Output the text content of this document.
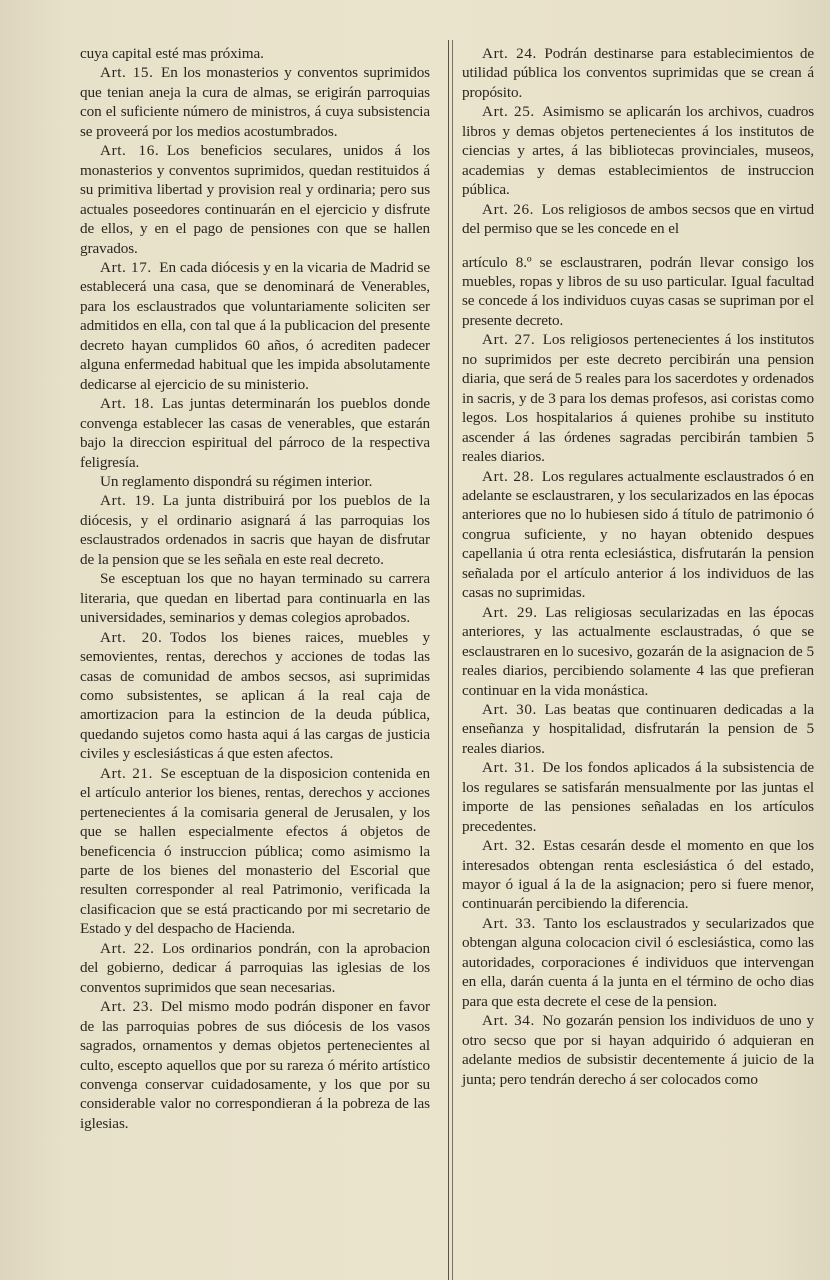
cuya capital esté mas próxima.

Art. 15.  En los monasterios y conventos suprimidos que tenian aneja la cura de almas, se erigirán parroquias con el suficiente número de ministros, á cuya subsistencia se proveerá por los medios acostumbrados.

Art. 16.  Los beneficios seculares, unidos á los monasterios y conventos suprimidos, quedan restituidos á su primitiva libertad y provision real y ordinaria; pero sus actuales poseedores continuarán en el ejercicio y disfrute de ellos, y en el pago de pensiones con que se hallen gravados.

Art. 17.  En cada diócesis y en la vicaria de Madrid se establecerá una casa, que se denominará de Venerables, para los esclaustrados que voluntariamente soliciten ser admitidos en ella, con tal que á la publicacion del presente decreto hayan cumplidos 60 años, ó acrediten padecer alguna enfermedad habitual que les impida absolutamente dedicarse al ejercicio de su ministerio.

Art. 18.  Las juntas determinarán los pueblos donde convenga establecer las casas de venerables, que estarán bajo la direccion espiritual del párroco de la respectiva feligresía.

Un reglamento dispondrá su régimen interior.

Art. 19.  La junta distribuirá por los pueblos de la diócesis, y el ordinario asignará á las parroquias los esclaustrados ordenados in sacris que hayan de disfrutar de la pension que se les señala en este real decreto.

Se esceptuan los que no hayan terminado su carrera literaria, que quedan en libertad para continuarla en las universidades, seminarios y demas colegios aprobados.

Art. 20.  Todos los bienes raices, muebles y semovientes, rentas, derechos y acciones de todas las casas de comunidad de ambos secsos, asi suprimidas como subsistentes, se aplican á la real caja de amortizacion para la estincion de la deuda pública, quedando sujetos como hasta aqui á las cargas de justicia civiles y esclesiásticas á que esten afectos.

Art. 21.  Se esceptuan de la disposicion contenida en el artículo anterior los bienes, rentas, derechos y acciones pertenecientes á la comisaria general de Jerusalen, y los que se hallen especialmente efectos á objetos de beneficencia ó instruccion pública; como asimismo la parte de los bienes del monasterio del Escorial que resulten corresponder al real Patrimonio, verificada la clasificacion que se está practicando por mi secretario de Estado y del despacho de Hacienda.

Art. 22.  Los ordinarios pondrán, con la aprobacion del gobierno, dedicar á parroquias las iglesias de los conventos suprimidos que sean necesarias.

Art. 23.  Del mismo modo podrán disponer en favor de las parroquias pobres de sus diócesis de los vasos sagrados, ornamentos y demas objetos pertenecientes al culto, escepto aquellos que por su rareza ó mérito artístico convenga conservar cuidadosamente, y los que por su considerable valor no correspondieran á la pobreza de las iglesias.

Art. 24.  Podrán destinarse para establecimientos de utilidad pública los conventos suprimidas que se crean á propósito.

Art. 25.  Asimismo se aplicarán los archivos, cuadros libros y demas objetos pertenecientes á los institutos de ciencias y artes, á las bibliotecas provinciales, museos, academias y demas establecimientos de instruccion pública.

Art. 26.  Los religiosos de ambos secsos que en virtud del permiso que se les concede en el

artículo 8.º se esclaustraren, podrán llevar consigo los muebles, ropas y libros de su uso particular. Igual facultad se concede á los individuos cuyas casas se supriman por el presente decreto.

Art. 27.  Los religiosos pertenecientes á los institutos no suprimidos per este decreto percibirán una pension diaria, que será de 5 reales para los sacerdotes y ordenados in sacris, y de 3 para los demas profesos, asi coristas como legos. Los hospitalarios á quienes prohibe su instituto ascender á las órdenes sagradas percibirán tambien 5 reales diarios.

Art. 28.  Los regulares actualmente esclaustrados ó en adelante se esclaustraren, y los secularizados en las épocas anteriores que no lo hubiesen sido á título de patrimonio ó congrua suficiente, y no hayan obtenido despues capellania ú otra renta eclesiástica, disfrutarán la pension señalada por el artículo anterior á los individuos de las casas no suprimidas.

Art. 29.  Las religiosas secularizadas en las épocas anteriores, y las actualmente esclaustradas, ó que se esclaustraren en lo sucesivo, gozarán de la asignacion de 5 reales diarios, percibiendo solamente 4 las que prefieran continuar en la vida monástica.

Art. 30.  Las beatas que continuaren dedicadas a la enseñanza y hospitalidad, disfrutarán la pension de 5 reales diarios.

Art. 31.  De los fondos aplicados á la subsistencia de los regulares se satisfarán mensualmente por las juntas el importe de las pensiones señaladas en los artículos precedentes.

Art. 32.  Estas cesarán desde el momento en que los interesados obtengan renta esclesiástica ó del estado, mayor ó igual á la de la asignacion; pero si fuere menor, continuarán percibiendo la diferencia.

Art. 33.  Tanto los esclaustrados y secularizados que obtengan alguna colocacion civil ó esclesiástica, como las autoridades, corporaciones é individuos que intervengan en ella, darán cuenta á la junta en el término de ocho dias para que esta decrete el cese de la pension.

Art. 34.  No gozarán pension los individuos de uno y otro secso que por si hayan adquirido ó adquieran en adelante medios de subsistir decentemente á juicio de la junta; pero tendrán derecho á ser colocados como
